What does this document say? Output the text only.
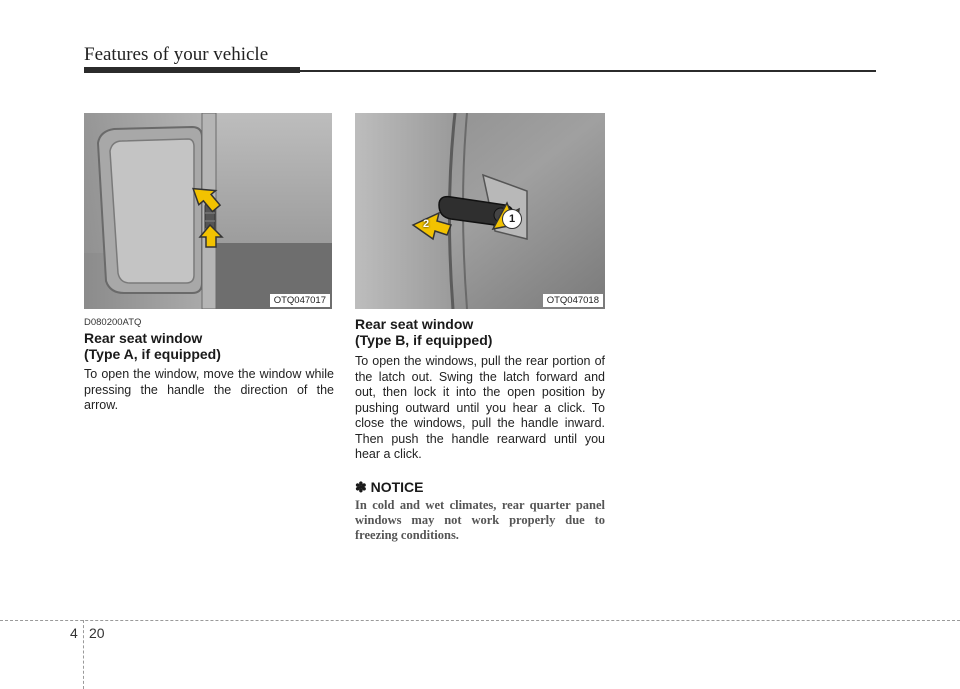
Features of your vehicle
OTQ047017
1
2
OTQ047018
D080200ATQ
Rear seat window
(Type A, if equipped)

To open the window, move the window while pressing the handle the direction of the arrow.

Rear seat window
(Type B, if equipped)

To open the windows, pull the rear portion of the latch out. Swing the latch forward and out, then lock it into the open position by pushing outward until you hear a click. To close the windows, pull the handle inward. Then push the handle rearward until you hear a click.

✽ NOTICE

In cold and wet climates, rear quarter panel windows may not work properly due to freezing conditions.

4 20
